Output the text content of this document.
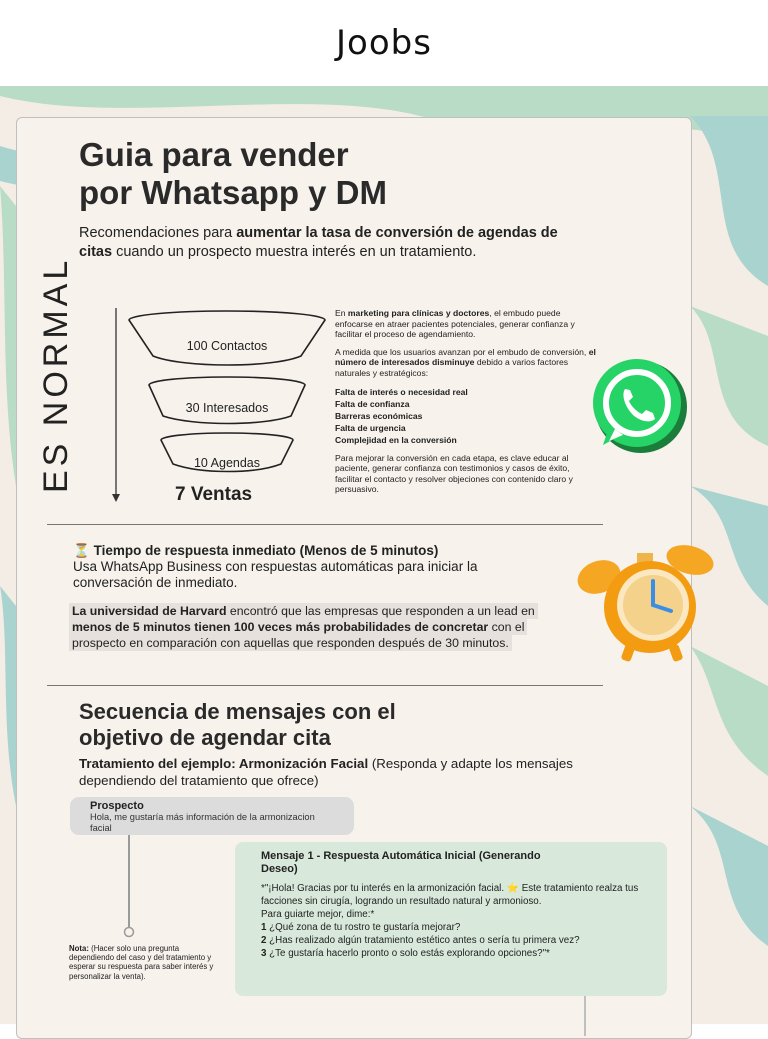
Joobs
Guia para vender
por Whatsapp y DM
Recomendaciones para aumentar la tasa de conversión de agendas de citas cuando un prospecto muestra interés en un tratamiento.
ES NORMAL	100 Contactos
30 Interesados
10 Agendas
7 Ventas

En marketing para clínicas y doctores, el embudo puede enfocarse en atraer pacientes potenciales, generar confianza y facilitar el proceso de agendamiento.

A medida que los usuarios avanzan por el embudo de conversión, el número de interesados disminuye debido a varios factores naturales y estratégicos:

Falta de interés o necesidad real
Falta de confianza
Barreras económicas
Falta de urgencia
Complejidad en la conversión

Para mejorar la conversión en cada etapa, es clave educar al paciente, generar confianza con testimonios y casos de éxito, facilitar el contacto y resolver objeciones con contenido claro y persuasivo.

⏳ Tiempo de respuesta inmediato (Menos de 5 minutos)
Usa WhatsApp Business con respuestas automáticas para iniciar la conversación de inmediato.
La universidad de Harvard encontró que las empresas que responden a un lead en menos de 5 minutos tienen 100 veces más probabilidades de concretar con el prospecto en comparación con aquellas que responden después de 30 minutos.
Secuencia de mensajes con el
objetivo de agendar cita
Tratamiento del ejemplo: Armonización Facial (Responda y adapte los mensajes dependiendo del tratamiento que ofrece)
Prospecto
Hola, me gustaría más información de la armonizacion facial
Nota: (Hacer solo una pregunta dependiendo del caso y del tratamiento y esperar su respuesta para saber interés y personalizar la venta).
Mensaje 1 - Respuesta Automática Inicial (Generando Deseo)

*"¡Hola! Gracias por tu interés en la armonización facial. ⭐ Este tratamiento realza tus facciones sin cirugía, logrando un resultado natural y armonioso.

Para guiarte mejor, dime:*

1 ¿Qué zona de tu rostro te gustaría mejorar?

2 ¿Has realizado algún tratamiento estético antes o sería tu primera vez?

3 ¿Te gustaría hacerlo pronto o solo estás explorando opciones?"*
